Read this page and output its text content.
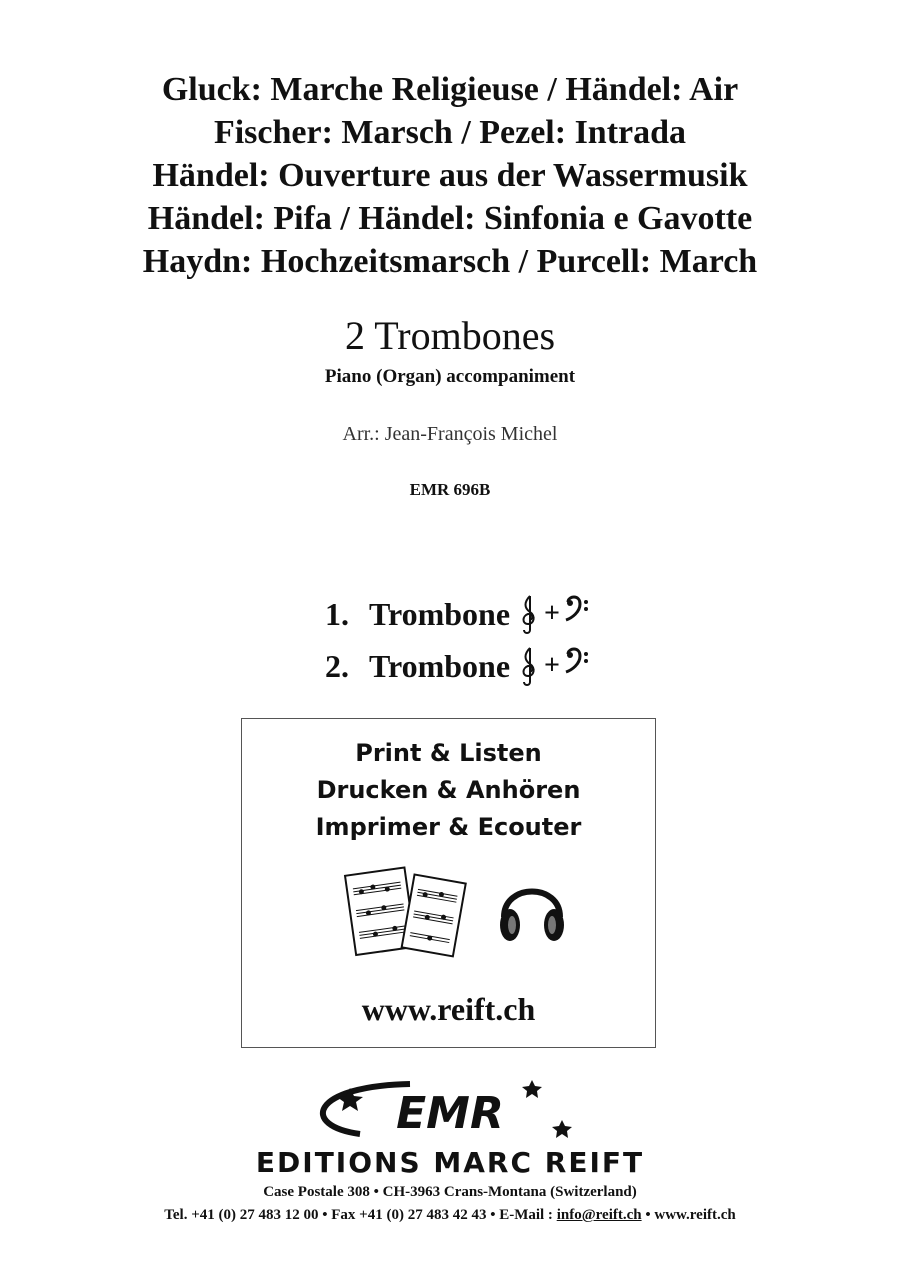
Gluck: Marche Religieuse / Händel: Air
Fischer: Marsch / Pezel: Intrada
Händel: Ouverture aus der Wassermusik
Händel: Pifa / Händel: Sinfonia e Gavotte
Haydn: Hochzeitsmarsch / Purcell: March
2 Trombones
Piano (Organ) accompaniment
Arr.: Jean-François Michel
EMR 696B
1. Trombone +
2. Trombone +
Print & Listen
Drucken & Anhören
Imprimer & Ecouter
www.reift.ch
EMR
EDITIONS MARC REIFT
Case Postale 308 • CH-3963 Crans-Montana (Switzerland)
Tel. +41 (0) 27 483 12 00 • Fax +41 (0) 27 483 42 43 • E-Mail : info@reift.ch • www.reift.ch
